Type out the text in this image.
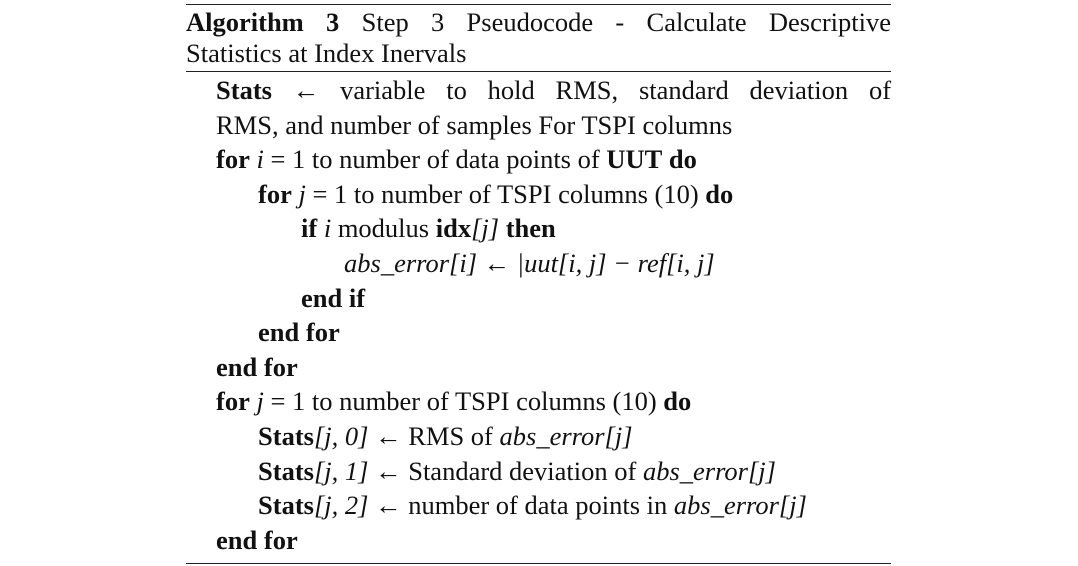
Algorithm 3 Step 3 Pseudocode - Calculate Descriptive
Statistics at Index Inervals
Stats ← variable to hold RMS, standard deviation of
RMS, and number of samples For TSPI columns
for i = 1 to number of data points of UUT do
for j = 1 to number of TSPI columns (10) do
if i modulus idx[j] then
abs_error[i] ← |uut[i, j] − ref[i, j]
end if
end for
end for
for j = 1 to number of TSPI columns (10) do
Stats[j, 0] ← RMS of abs_error[j]
Stats[j, 1] ← Standard deviation of abs_error[j]
Stats[j, 2] ← number of data points in abs_error[j]
end for
